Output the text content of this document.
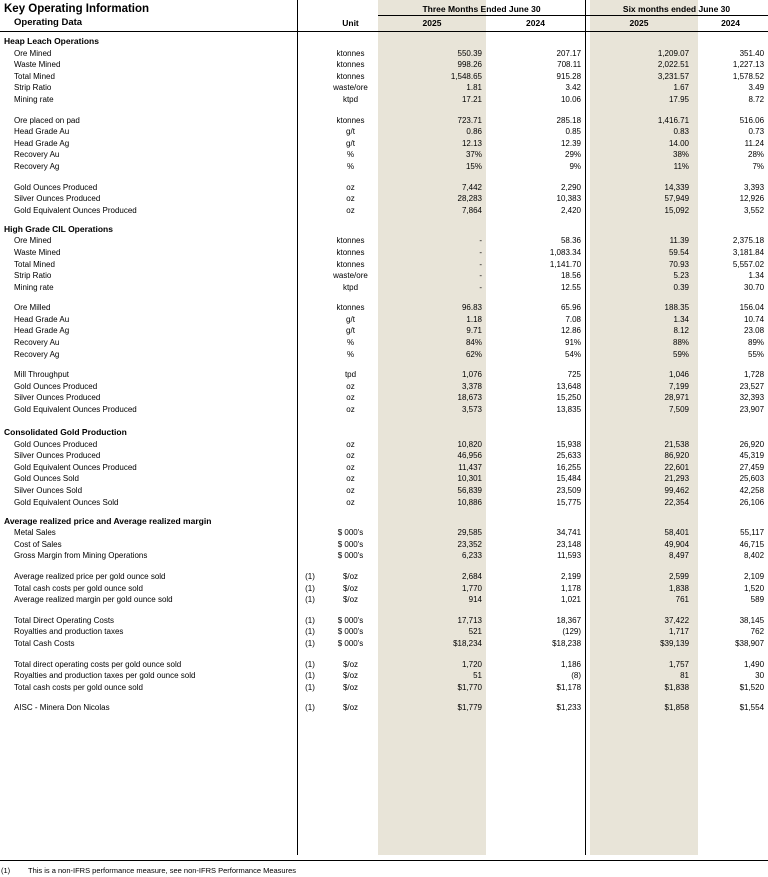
Key Operating Information			Three Months Ended June 30		Six months ended June 30	
Operating Data		Unit	2025	2024	2025	2024

Heap Leach Operations						
Ore Mined		ktonnes	550.39	207.17	1,209.07	351.40
Waste Mined		ktonnes	998.26	708.11	2,022.51	1,227.13
Total Mined		ktonnes	1,548.65	915.28	3,231.57	1,578.52
Strip Ratio		waste/ore	1.81	3.42	1.67	3.49
Mining rate		ktpd	17.21	10.06	17.95	8.72

Ore placed on pad		ktonnes	723.71	285.18	1,416.71	516.06
Head Grade Au		g/t	0.86	0.85	0.83	0.73
Head Grade Ag		g/t	12.13	12.39	14.00	11.24
Recovery Au		%	37%	29%	38%	28%
Recovery Ag		%	15%	9%	11%	7%

Gold Ounces Produced		oz	7,442	2,290	14,339	3,393
Silver Ounces Produced		oz	28,283	10,383	57,949	12,926
Gold Equivalent Ounces Produced		oz	7,864	2,420	15,092	3,552

High Grade CIL Operations						
Ore Mined		ktonnes	-	58.36	11.39	2,375.18
Waste Mined		ktonnes	-	1,083.34	59.54	3,181.84
Total Mined		ktonnes	-	1,141.70	70.93	5,557.02
Strip Ratio		waste/ore	-	18.56	5.23	1.34
Mining rate		ktpd	-	12.55	0.39	30.70

Ore Milled		ktonnes	96.83	65.96	188.35	156.04
Head Grade Au		g/t	1.18	7.08	1.34	10.74
Head Grade Ag		g/t	9.71	12.86	8.12	23.08
Recovery Au		%	84%	91%	88%	89%
Recovery Ag		%	62%	54%	59%	55%

Mill Throughput		tpd	1,076	725	1,046	1,728
Gold Ounces Produced		oz	3,378	13,648	7,199	23,527
Silver Ounces Produced		oz	18,673	15,250	28,971	32,393
Gold Equivalent Ounces Produced		oz	3,573	13,835	7,509	23,907

Consolidated Gold Production						
Gold Ounces Produced		oz	10,820	15,938	21,538	26,920
Silver Ounces Produced		oz	46,956	25,633	86,920	45,319
Gold Equivalent Ounces Produced		oz	11,437	16,255	22,601	27,459
Gold Ounces Sold		oz	10,301	15,484	21,293	25,603
Silver Ounces Sold		oz	56,839	23,509	99,462	42,258
Gold Equivalent Ounces Sold		oz	10,886	15,775	22,354	26,106

Average realized price and Average realized margin						
Metal Sales		$ 000's	29,585	34,741	58,401	55,117
Cost of Sales		$ 000's	23,352	23,148	49,904	46,715
Gross Margin from Mining Operations		$ 000's	6,233	11,593	8,497	8,402

Average realized price per gold ounce sold	(1)	$/oz	2,684	2,199	2,599	2,109
Total cash costs per gold ounce sold	(1)	$/oz	1,770	1,178	1,838	1,520
Average realized margin per gold ounce sold	(1)	$/oz	914	1,021	761	589

Total Direct Operating Costs	(1)	$ 000's	17,713	18,367	37,422	38,145
Royalties and production taxes	(1)	$ 000's	521	(129)	1,717	762
Total Cash Costs	(1)	$ 000's	$18,234	$18,238	$39,139	$38,907

Total direct operating costs per gold ounce sold	(1)	$/oz	1,720	1,186	1,757	1,490
Royalties and production taxes per gold ounce sold	(1)	$/oz	51	(8)	81	30
Total cash costs per gold ounce sold	(1)	$/oz	$1,770	$1,178	$1,838	$1,520

AISC - Minera Don Nicolas	(1)	$/oz	$1,779	$1,233	$1,858	$1,554
(1) This is a non-IFRS performance measure, see non-IFRS Performance Measures
